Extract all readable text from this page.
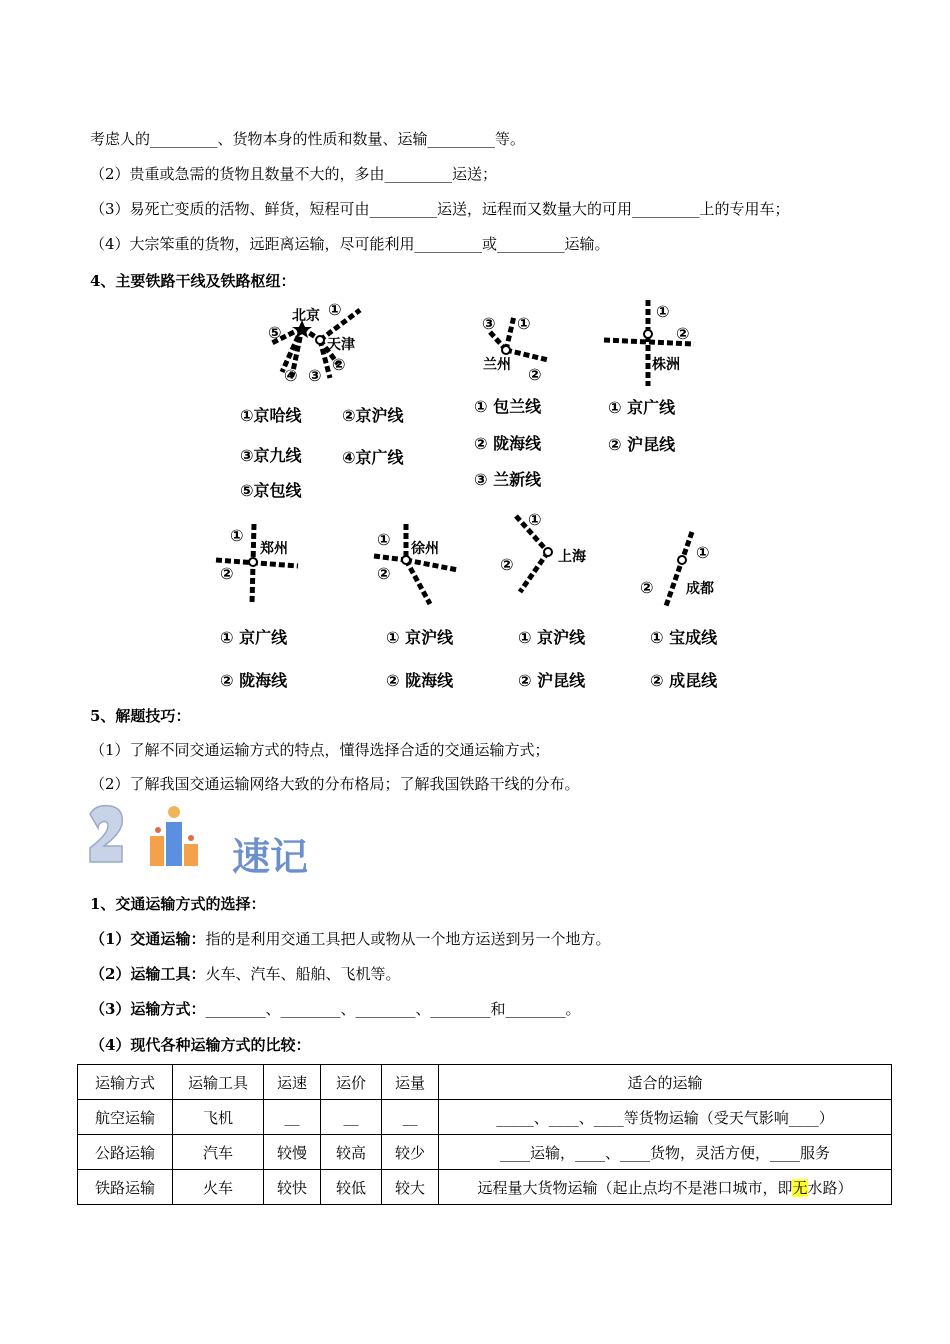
考虑人的_________、货物本身的性质和数量、运输_________等。
（2）贵重或急需的货物且数量不大的，多由_________运送；
（3）易死亡变质的活物、鲜货，短程可由_________运送，远程而又数量大的可用_________上的专用车；
（4）大宗笨重的货物，远距离运输，尽可能利用_________或_________运输。
4、主要铁路干线及铁路枢纽：
北京
天津
①
②
③
④
⑤
①京哈线	②京沪线
③京九线	④京广线
⑤京包线
①
②
③
兰州
① 包兰线
② 陇海线
③ 兰新线
①
②
株洲
① 京广线
② 沪昆线
①
②
郑州
① 京广线
② 陇海线
①
②
徐州
① 京沪线
② 陇海线
①
②	上海
① 京沪线
② 沪昆线
①
② 成都
① 宝成线
② 成昆线
5、解题技巧：
（1）了解不同交通运输方式的特点，懂得选择合适的交通运输方式；
（2）了解我国交通运输网络大致的分布格局；了解我国铁路干线的分布。
速记
1、交通运输方式的选择：
（1）交通运输：指的是利用交通工具把人或物从一个地方运送到另一个地方。
（2）运输工具：火车、汽车、船舶、飞机等。
（3）运输方式：________、________、________、________和________。
（4）现代各种运输方式的比较：
运输方式	运输工具	运速	运价	运量	适合的运输
航空运输	飞机	__	__	__	_____、____、____等货物运输（受天气影响____）
公路运输	汽车	较慢	较高	较少	____运输，____、____货物，灵活方便，____服务
铁路运输	火车	较快	较低	较大	远程量大货物运输（起止点均不是港口城市，即无水路）
